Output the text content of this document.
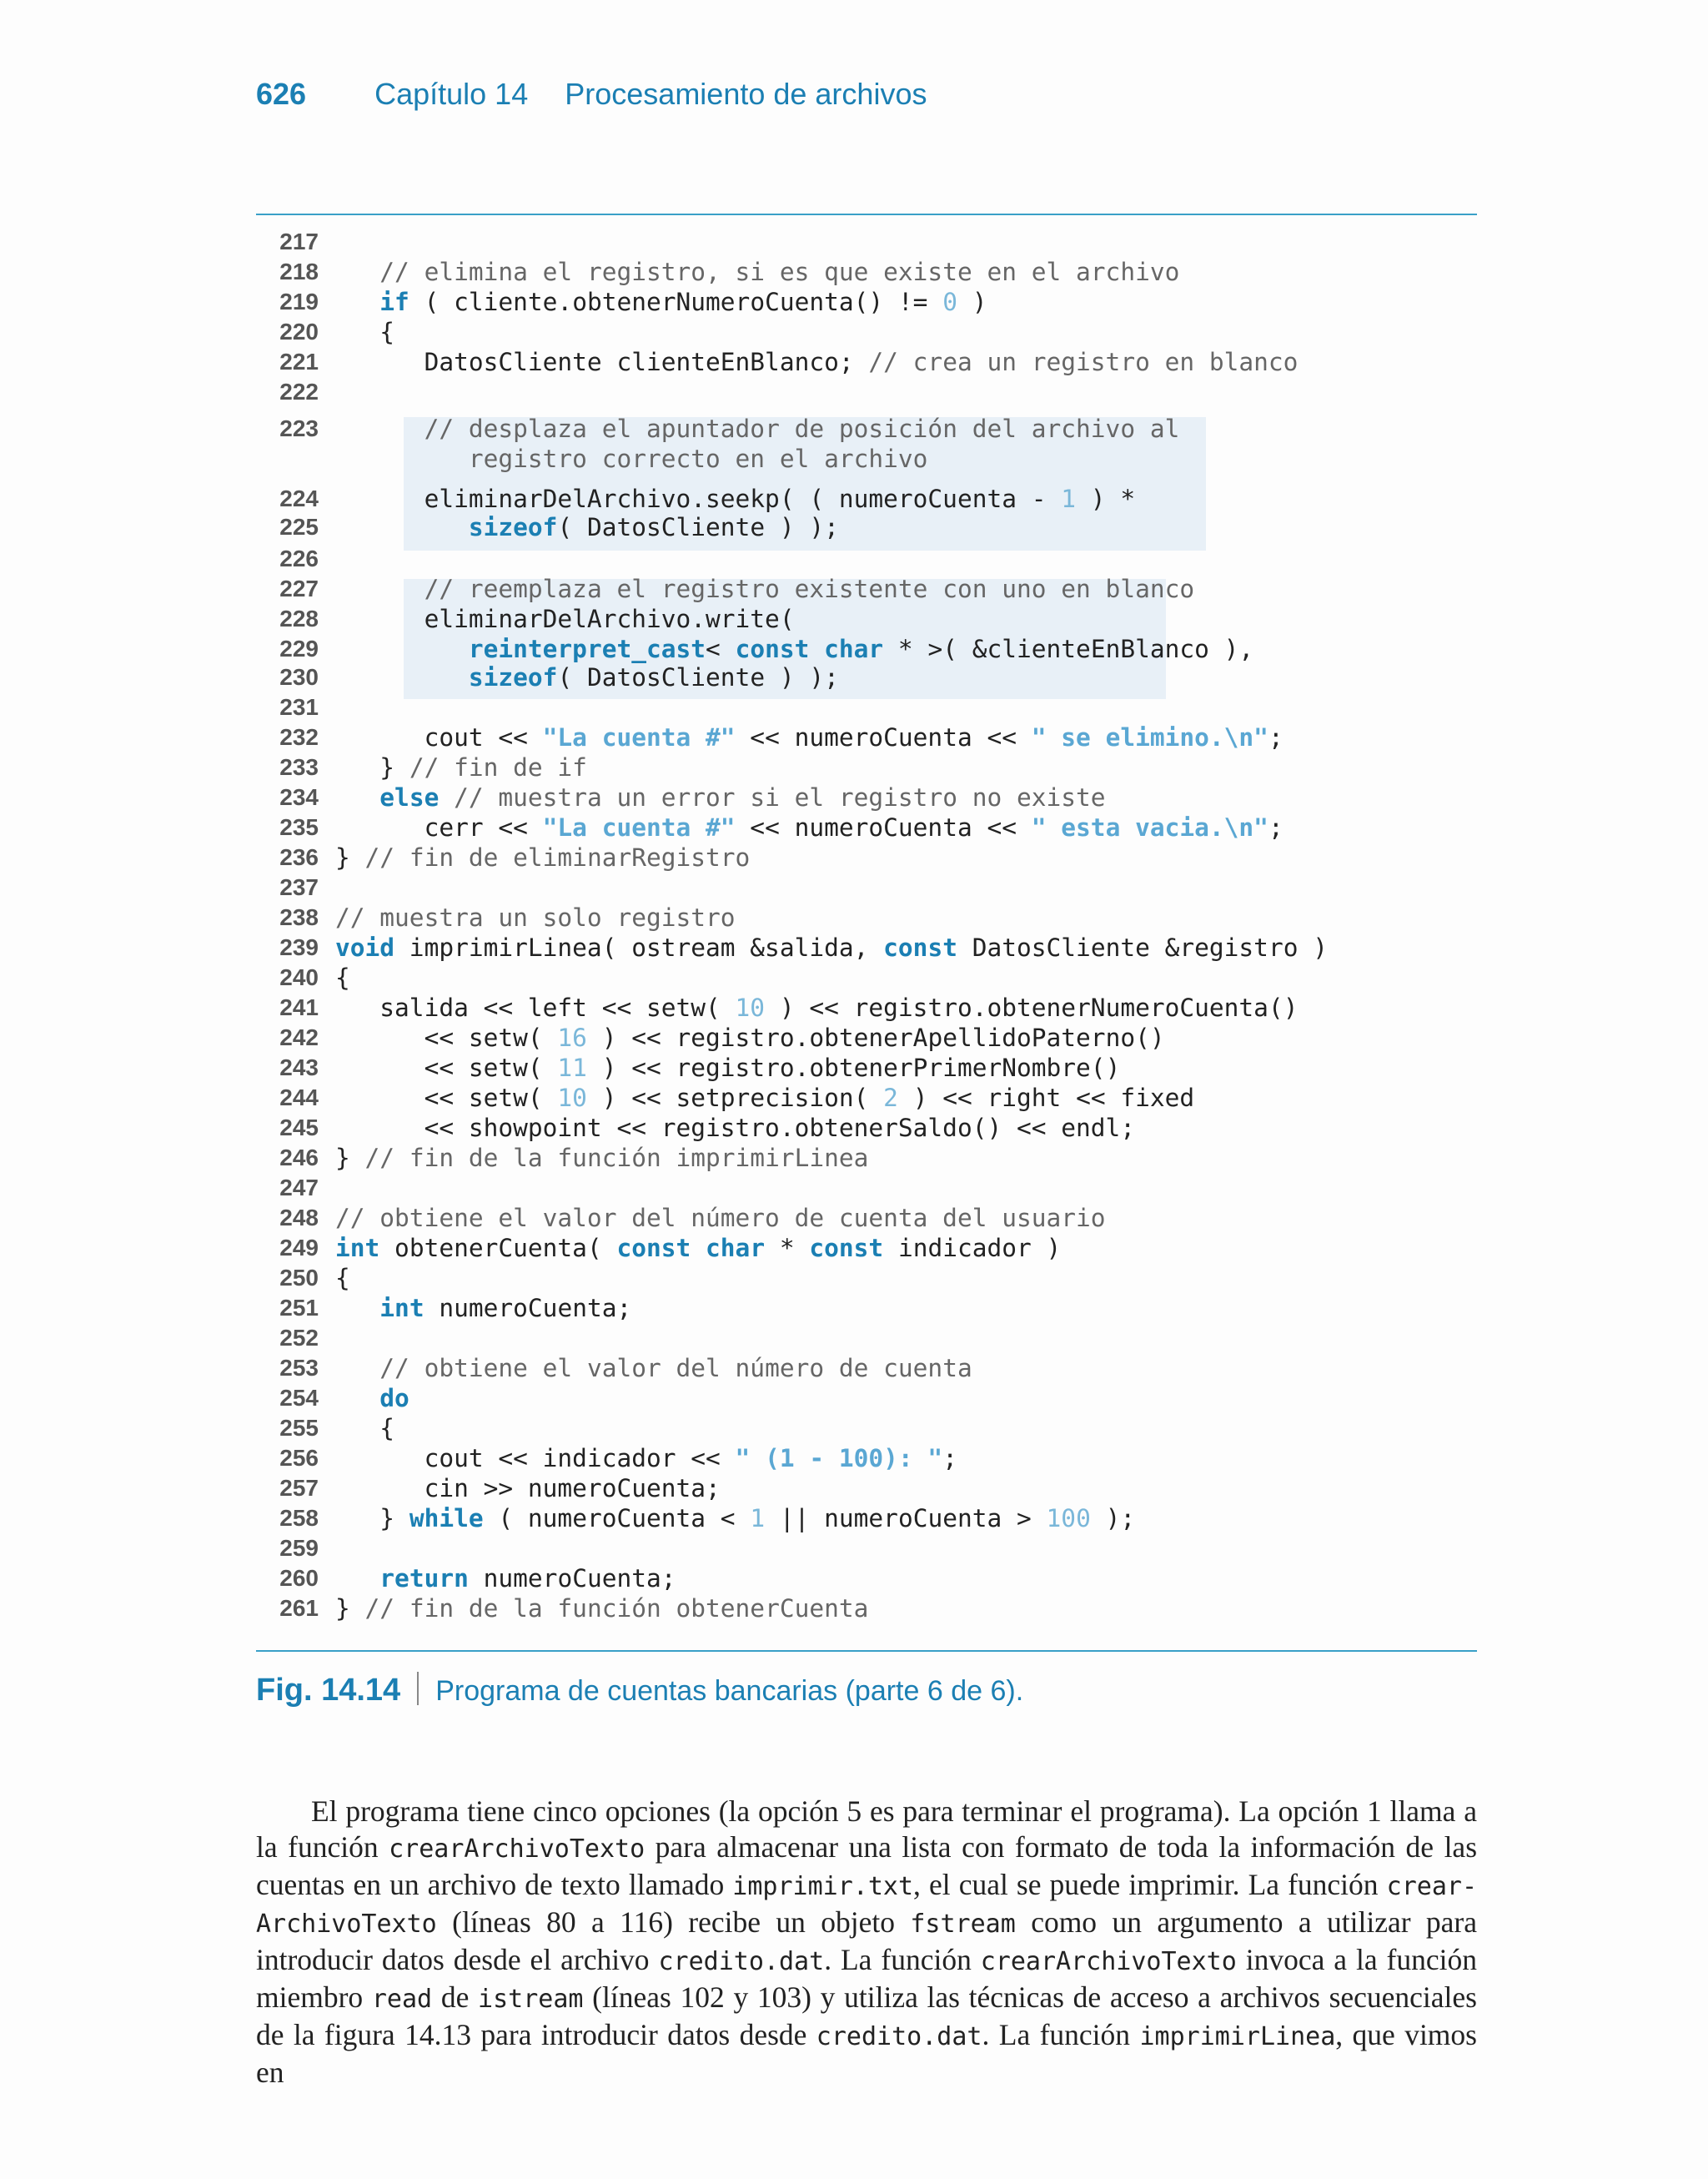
626 Capítulo 14 Procesamiento de archivos

217
218	// elimina el registro, si es que existe en el archivo
219	if ( cliente.obtenerNumeroCuenta() != 0 )
220 {
221 DatosCliente clienteEnBlanco; // crea un registro en blanco
222
223	// desplaza el apuntador de posición del archivo al
registro correcto en el archivo
224 eliminarDelArchivo.seekp( ( numeroCuenta - 1 ) *
225	sizeof( DatosCliente ) );
226
227	// reemplaza el registro existente con uno en blanco
228 eliminarDelArchivo.write(
229	reinterpret_cast< const char * >( &clienteEnBlanco ),
230	sizeof( DatosCliente ) );
231
232 cout << "La cuenta #" << numeroCuenta << " se elimino.\n";
233 } // fin de if
234	else // muestra un error si el registro no existe
235 cerr << "La cuenta #" << numeroCuenta << " esta vacia.\n";
236 } // fin de eliminarRegistro
237
238 // muestra un solo registro
239 void imprimirLinea( ostream &salida, const DatosCliente &registro )
240 {
241 salida << left << setw( 10 ) << registro.obtenerNumeroCuenta()
242 << setw( 16 ) << registro.obtenerApellidoPaterno()
243 << setw( 11 ) << registro.obtenerPrimerNombre()
244 << setw( 10 ) << setprecision( 2 ) << right << fixed
245 << showpoint << registro.obtenerSaldo() << endl;
246 } // fin de la función imprimirLinea
247
248 // obtiene el valor del número de cuenta del usuario
249 int obtenerCuenta( const char * const indicador )
250 {
251	int numeroCuenta;
252
253	// obtiene el valor del número de cuenta
254	do
255 {
256 cout << indicador << " (1 - 100): ";
257 cin >> numeroCuenta;
258 } while ( numeroCuenta < 1 || numeroCuenta > 100 );
259
260	return numeroCuenta;
261 } // fin de la función obtenerCuenta
Fig. 14.14 Programa de cuentas bancarias (parte 6 de 6).

El programa tiene cinco opciones (la opción 5 es para terminar el programa). La opción 1 llama a la función crearArchivoTexto para almacenar una lista con formato de toda la información de las cuentas en un archivo de texto llamado imprimir.txt, el cual se puede imprimir. La función crear-ArchivoTexto (líneas 80 a 116) recibe un objeto fstream como un argumento a utilizar para introducir datos desde el archivo credito.dat. La función crearArchivoTexto invoca a la función miembro read de istream (líneas 102 y 103) y utiliza las técnicas de acceso a archivos secuenciales de la figura 14.13 para introducir datos desde credito.dat. La función imprimirLinea, que vimos en
